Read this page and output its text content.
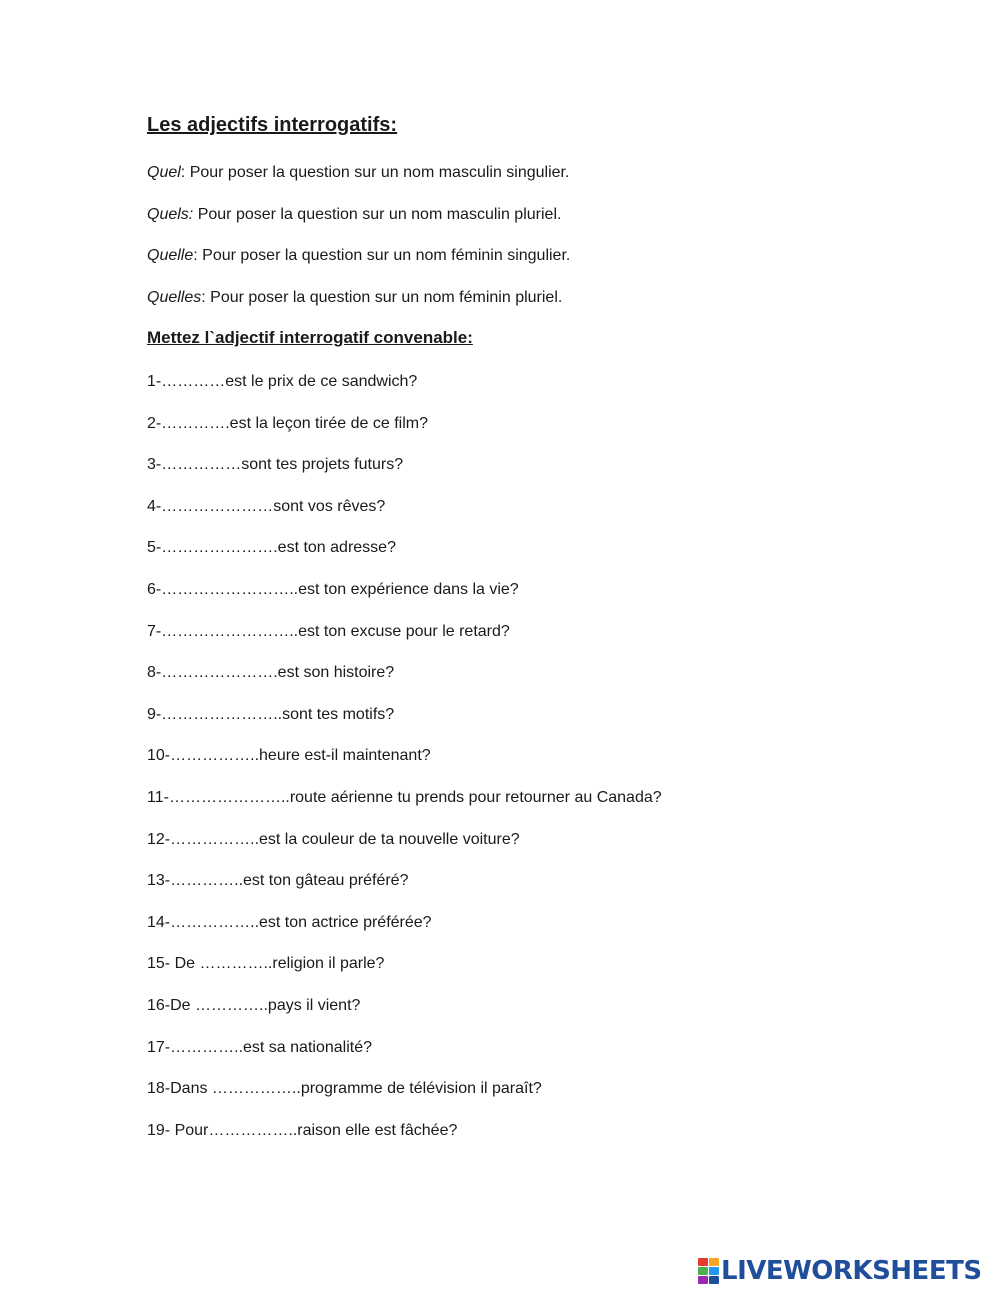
Les adjectifs interrogatifs:
Quel: Pour poser la question sur un nom masculin singulier.
Quels: Pour poser la question sur un nom masculin pluriel.
Quelle: Pour poser la question sur un nom féminin singulier.
Quelles: Pour poser la question sur un nom féminin pluriel.
Mettez l`adjectif interrogatif convenable:
1-…………est le prix de ce sandwich?
2-………….est la leçon tirée de ce film?
3-……………sont tes projets futurs?
4-…………………sont vos rêves?
5-………………….est ton adresse?
6-……………………..est ton expérience dans la vie?
7-……………………..est ton excuse pour le retard?
8-………………….est son histoire?
9-…………………..sont tes motifs?
10-……………..heure est-il maintenant?
11-…………………..route aérienne tu prends pour retourner au Canada?
12-……………..est la couleur de ta nouvelle voiture?
13-…………..est ton gâteau préféré?
14-……………..est ton actrice préférée?
15- De …………..religion il parle?
16-De …………..pays il vient?
17-…………..est sa nationalité?
18-Dans ……………..programme de télévision il paraît?
19- Pour……………..raison elle est fâchée?
LIVEWORKSHEETS
